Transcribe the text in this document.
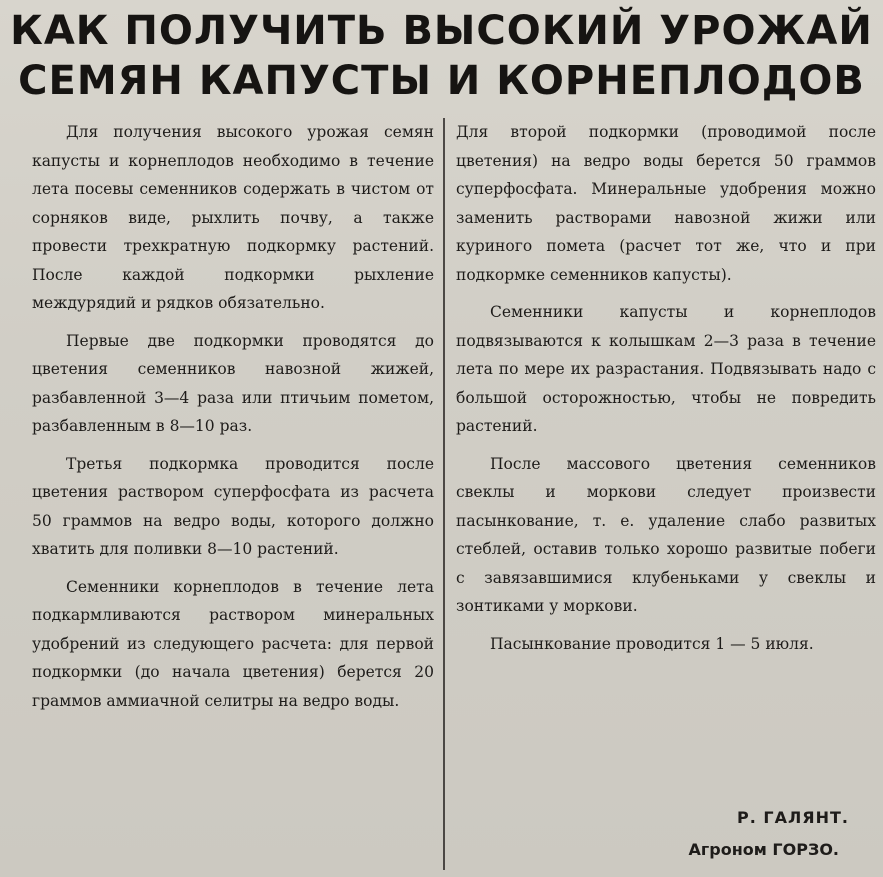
КАК ПОЛУЧИТЬ ВЫСОКИЙ УРОЖАЙ
СЕМЯН КАПУСТЫ И КОРНЕПЛОДОВ

Для получения высокого урожая семян капусты и корнеплодов необходимо в течение лета посевы семенников содержать в чистом от сорняков виде, рыхлить почву, а также провести трехкратную подкормку растений. После каждой подкормки рыхление междурядий и рядков обязательно.

Первые две подкормки проводятся до цветения семенников навозной жижей, разбавленной 3—4 раза или птичьим пометом, разбавленным в 8—10 раз.

Третья подкормка проводится после цветения раствором суперфосфата из расчета 50 граммов на ведро воды, которого должно хватить для поливки 8—10 растений.

Семенники корнеплодов в течение лета подкармливаются раствором минеральных удобрений из следующего расчета: для первой подкормки (до начала цветения) берется 20 граммов аммиачной селитры на ведро воды.

Для второй подкормки (проводимой после цветения) на ведро воды берется 50 граммов суперфосфата. Минеральные удобрения можно заменить растворами навозной жижи или куриного помета (расчет тот же, что и при подкормке семенников капусты).

Семенники капусты и корнеплодов подвязываются к колышкам 2—3 раза в течение лета по мере их разрастания. Подвязывать надо с большой осторожностью, чтобы не повредить растений.

После массового цветения семенников свеклы и моркови следует произвести пасынкование, т. е. удаление слабо развитых стеблей, оставив только хорошо развитые побеги с завязавшимися клубеньками у свеклы и зонтиками у моркови.

Пасынкование проводится 1 — 5 июля.

Р. ГАЛЯНТ.
Агроном ГОРЗО.
